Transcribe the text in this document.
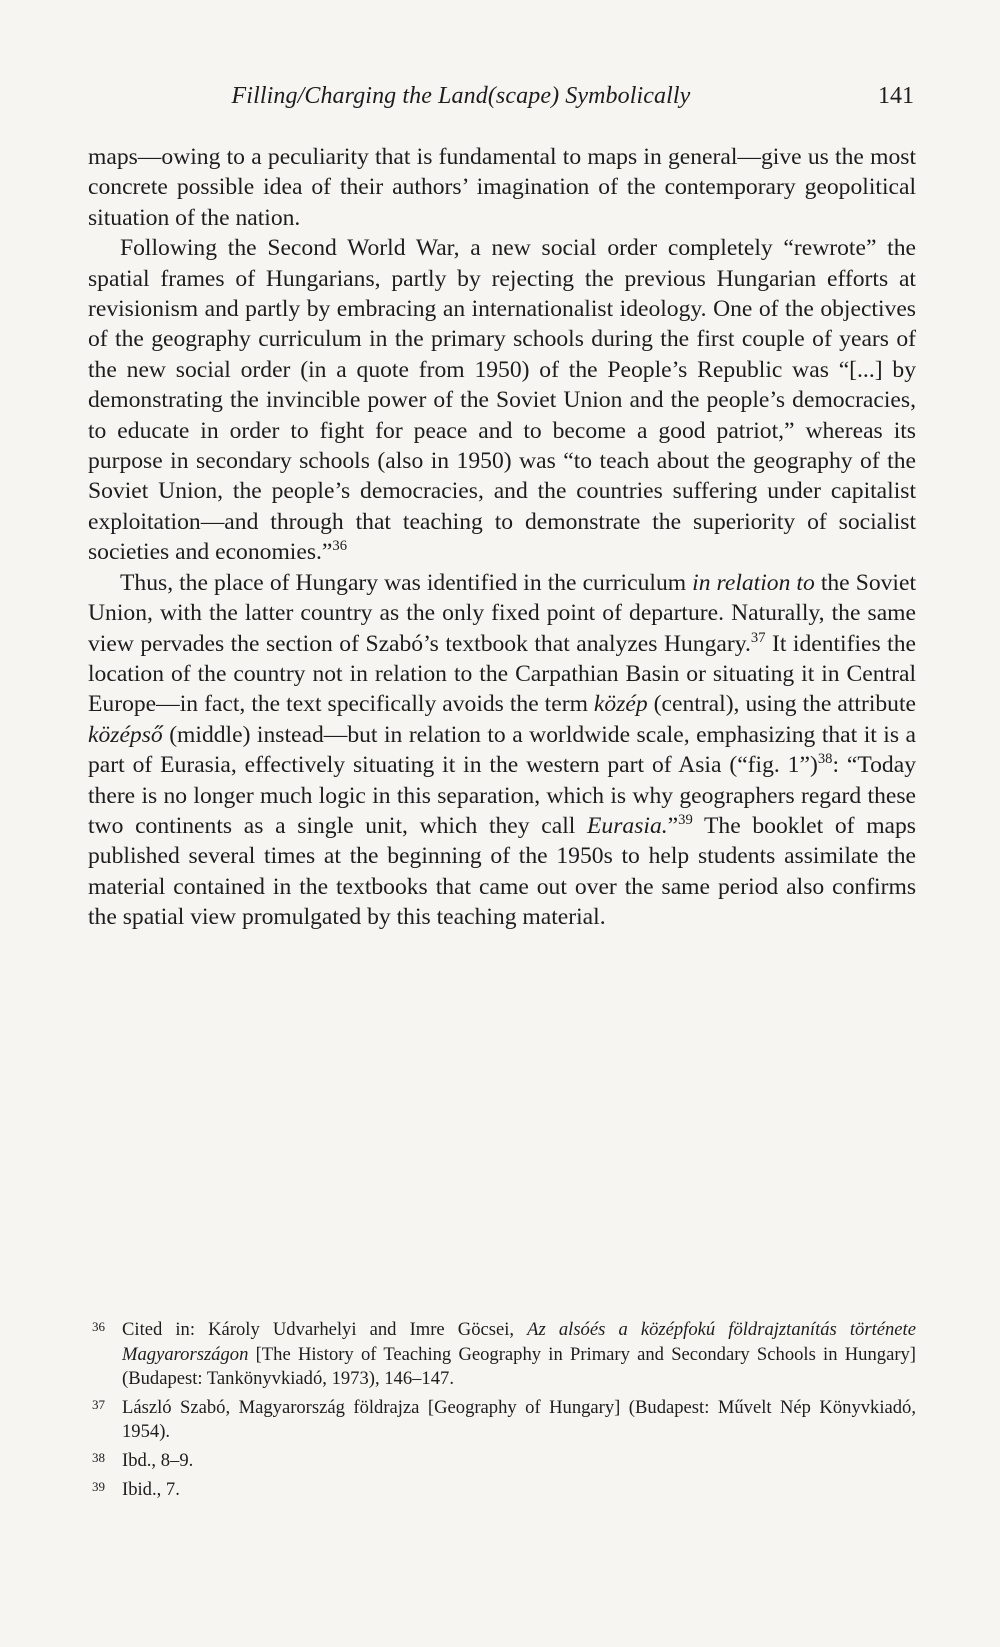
Filling/Charging the Land(scape) Symbolically	141

maps—owing to a peculiarity that is fundamental to maps in general—give us the most concrete possible idea of their authors’ imagination of the contemporary geopolitical situation of the nation.

Following the Second World War, a new social order completely “rewrote” the spatial frames of Hungarians, partly by rejecting the previous Hungarian efforts at revisionism and partly by embracing an internationalist ideology. One of the objectives of the geography curriculum in the primary schools during the first couple of years of the new social order (in a quote from 1950) of the People’s Republic was “[...] by demonstrating the invincible power of the Soviet Union and the people’s democracies, to educate in order to fight for peace and to become a good patriot,” whereas its purpose in secondary schools (also in 1950) was “to teach about the geography of the Soviet Union, the people’s democracies, and the countries suffering under capitalist exploitation—and through that teaching to demonstrate the superiority of socialist societies and economies.”$^{36}$

Thus, the place of Hungary was identified in the curriculum in relation to the Soviet Union, with the latter country as the only fixed point of departure. Naturally, the same view pervades the section of Szabó’s textbook that analyzes Hungary.$^{37}$ It identifies the location of the country not in relation to the Carpathian Basin or situating it in Central Europe—in fact, the text specifically avoids the term közép (central), using the attribute középső (middle) instead—but in relation to a worldwide scale, emphasizing that it is a part of Eurasia, effectively situating it in the western part of Asia (“fig. 1”)$^{38}$: “Today there is no longer much logic in this separation, which is why geographers regard these two continents as a single unit, which they call Eurasia.”$^{39}$ The booklet of maps published several times at the beginning of the 1950s to help students assimilate the material contained in the textbooks that came out over the same period also confirms the spatial view promulgated by this teaching material.

36 Cited in: Károly Udvarhelyi and Imre Göcsei, Az alsóés a középfokú földrajztanítás története Magyarországon [The History of Teaching Geography in Primary and Secondary Schools in Hungary] (Budapest: Tankönyvkiadó, 1973), 146–147.
37 László Szabó, Magyarország földrajza [Geography of Hungary] (Budapest: Művelt Nép Könyvkiadó, 1954).
38 Ibd., 8–9.
39 Ibid., 7.
